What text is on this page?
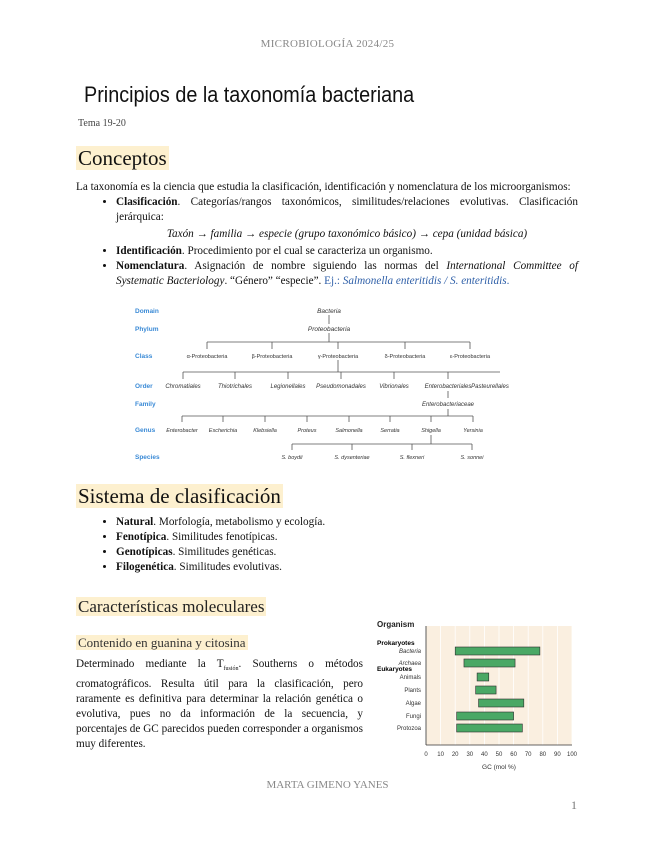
MICROBIOLOGÍA 2024/25
Principios de la taxonomía bacteriana
Tema 19-20
Conceptos
La taxonomía es la ciencia que estudia la clasificación, identificación y nomenclatura de los microorganismos:
• Clasificación. Categorías/rangos taxonómicos, similitudes/relaciones evolutivas. Clasificación jerárquica:
Taxón → familia → especie (grupo taxonómico básico) → cepa (unidad básica)
• Identificación. Procedimiento por el cual se caracteriza un organismo.
• Nomenclatura. Asignación de nombre siguiendo las normas del International Committee of Systematic Bacteriology. “Género” “especie”. Ej.: Salmonella enteritidis / S. enteritidis.
Domain
Phylum
Class
Order
Family
Genus
Species
Bacteria
Proteobacteria
α-Proteobacteria	β-Proteobacteria	γ-Proteobacteria	δ-Proteobacteria	ε-Proteobacteria
Chromatiales	Thiotrichales	Legionellales Pseudomonadales Vibrionales	Enterobacteriales Pasteurellales
Enterobacteriaceae
Enterobacter Escherichia	Klebsiella	Proteus	Salmonella	Serratia	Shigella	Yersinia
S. boydii	S. dysenteriae	S. flexneri	S. sonnei
Sistema de clasificación
• Natural. Morfología, metabolismo y ecología.
• Fenotípica. Similitudes fenotípicas.
• Genotípicas. Similitudes genéticas.
• Filogenética. Similitudes evolutivas.
Características moleculares
Contenido en guanina y citosina
Determinado mediante la $T_{fusión}$. Southerns o métodos cromatográficos. Resulta útil para la clasificación, pero raramente es definitiva para determinar la relación genética o evolutiva, pues no da información de la secuencia, y porcentajes de GC parecidos pueden corresponder a organismos muy diferentes.
Organism
Prokaryotes
Eukaryotes
Bacteria
Archaea
Animals
Plants
Algae
Fungi
Protozoa
0 10 20 30 40 50 60 70 80 90 100
GC (mol %)
MARTA GIMENO YANES
1
